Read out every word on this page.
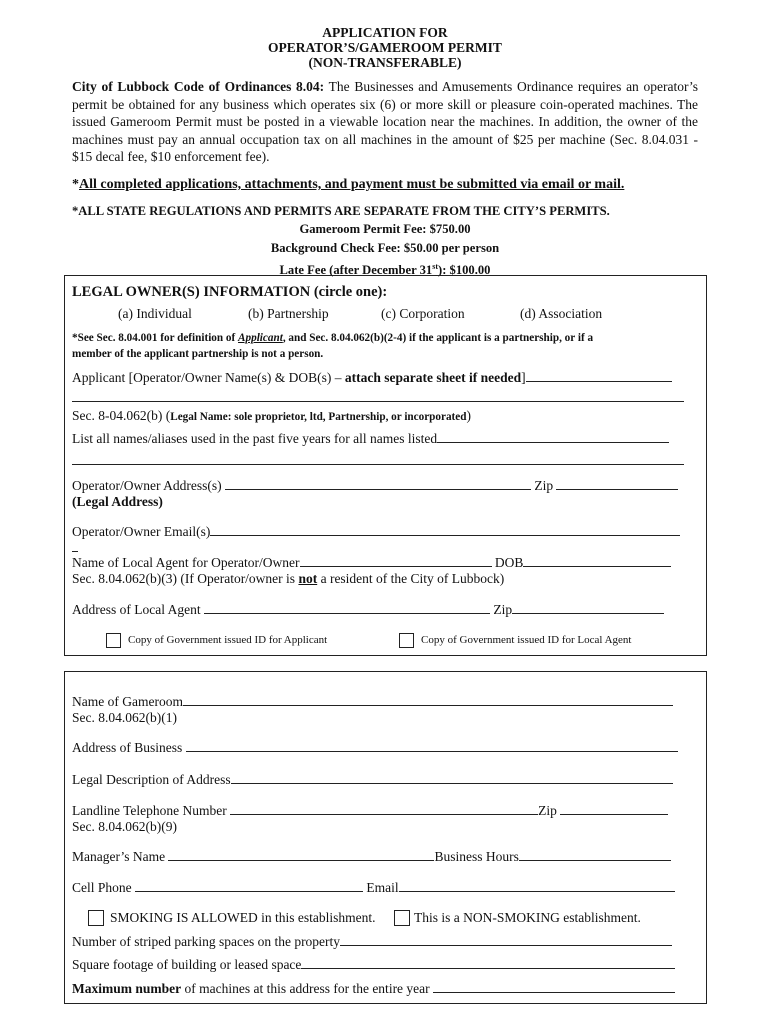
APPLICATION FOR
OPERATOR’S/GAMEROOM PERMIT
(NON-TRANSFERABLE)
City of Lubbock Code of Ordinances 8.04: The Businesses and Amusements Ordinance requires an operator’s permit be obtained for any business which operates six (6) or more skill or pleasure coin-operated machines. The issued Gameroom Permit must be posted in a viewable location near the machines. In addition, the owner of the machines must pay an annual occupation tax on all machines in the amount of $25 per machine (Sec. 8.04.031 - $15 decal fee, $10 enforcement fee).
*All completed applications, attachments, and payment must be submitted via email or mail.
*ALL STATE REGULATIONS AND PERMITS ARE SEPARATE FROM THE CITY’S PERMITS.
Gameroom Permit Fee: $750.00
Background Check Fee: $50.00 per person
Late Fee (after December 31st): $100.00
LEGAL OWNER(S) INFORMATION (circle one):
(a) Individual	(b) Partnership	(c) Corporation	(d) Association
*See Sec. 8.04.001 for definition of Applicant, and Sec. 8.04.062(b)(2-4) if the applicant is a partnership, or if a
member of the applicant partnership is not a person.
Applicant [Operator/Owner Name(s) & DOB(s) – attach separate sheet if needed]
Sec. 8-04.062(b) (Legal Name: sole proprietor, ltd, Partnership, or incorporated)
List all names/aliases used in the past five years for all names listed
Operator/Owner Address(s)	Zip
(Legal Address)
Operator/Owner Email(s)
Name of Local Agent for Operator/Owner	DOB
Sec. 8.04.062(b)(3) (If Operator/owner is not a resident of the City of Lubbock)
Address of Local Agent	Zip
Copy of Government issued ID for Applicant	Copy of Government issued ID for Local Agent
Name of Gameroom
Sec. 8.04.062(b)(1)
Address of Business
Legal Description of Address
Landline Telephone Number	Zip
Sec. 8.04.062(b)(9)
Manager’s Name	Business Hours
Cell Phone	Email
SMOKING IS ALLOWED in this establishment.	This is a NON-SMOKING establishment.
Number of striped parking spaces on the property
Square footage of building or leased space
Maximum number of machines at this address for the entire year
